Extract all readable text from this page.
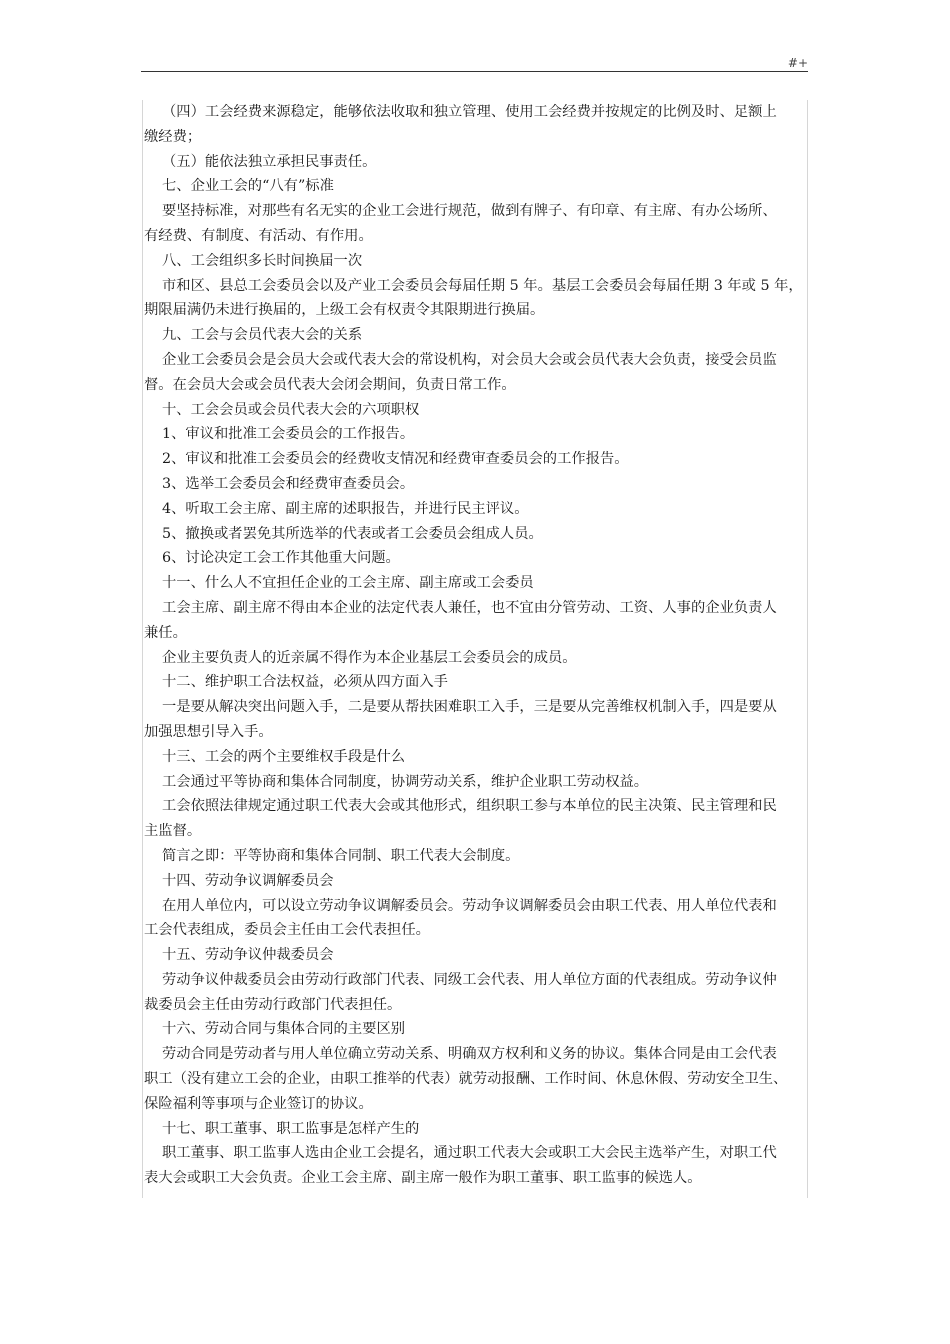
#+
（四）工会经费来源稳定，能够依法收取和独立管理、使用工会经费并按规定的比例及时、足额上
缴经费；
（五）能依法独立承担民事责任。
七、企业工会的“八有”标准
要坚持标准，对那些有名无实的企业工会进行规范，做到有牌子、有印章、有主席、有办公场所、
有经费、有制度、有活动、有作用。
八、工会组织多长时间换届一次
市和区、县总工会委员会以及产业工会委员会每届任期 5 年。基层工会委员会每届任期 3 年或 5 年，
期限届满仍未进行换届的，上级工会有权责令其限期进行换届。
九、工会与会员代表大会的关系
企业工会委员会是会员大会或代表大会的常设机构，对会员大会或会员代表大会负责，接受会员监
督。在会员大会或会员代表大会闭会期间，负责日常工作。
十、工会会员或会员代表大会的六项职权
1、审议和批准工会委员会的工作报告。
2、审议和批准工会委员会的经费收支情况和经费审查委员会的工作报告。
3、选举工会委员会和经费审查委员会。
4、听取工会主席、副主席的述职报告，并进行民主评议。
5、撤换或者罢免其所选举的代表或者工会委员会组成人员。
6、讨论决定工会工作其他重大问题。
十一、什么人不宜担任企业的工会主席、副主席或工会委员
工会主席、副主席不得由本企业的法定代表人兼任，也不宜由分管劳动、工资、人事的企业负责人
兼任。
企业主要负责人的近亲属不得作为本企业基层工会委员会的成员。
十二、维护职工合法权益，必须从四方面入手
一是要从解决突出问题入手，二是要从帮扶困难职工入手，三是要从完善维权机制入手，四是要从
加强思想引导入手。
十三、工会的两个主要维权手段是什么
工会通过平等协商和集体合同制度，协调劳动关系，维护企业职工劳动权益。
工会依照法律规定通过职工代表大会或其他形式，组织职工参与本单位的民主决策、民主管理和民
主监督。
简言之即：平等协商和集体合同制、职工代表大会制度。
十四、劳动争议调解委员会
在用人单位内，可以设立劳动争议调解委员会。劳动争议调解委员会由职工代表、用人单位代表和
工会代表组成，委员会主任由工会代表担任。
十五、劳动争议仲裁委员会
劳动争议仲裁委员会由劳动行政部门代表、同级工会代表、用人单位方面的代表组成。劳动争议仲
裁委员会主任由劳动行政部门代表担任。
十六、劳动合同与集体合同的主要区别
劳动合同是劳动者与用人单位确立劳动关系、明确双方权利和义务的协议。集体合同是由工会代表
职工（没有建立工会的企业，由职工推举的代表）就劳动报酬、工作时间、休息休假、劳动安全卫生、
保险福利等事项与企业签订的协议。
十七、职工董事、职工监事是怎样产生的
职工董事、职工监事人选由企业工会提名，通过职工代表大会或职工大会民主选举产生，对职工代
表大会或职工大会负责。企业工会主席、副主席一般作为职工董事、职工监事的候选人。
